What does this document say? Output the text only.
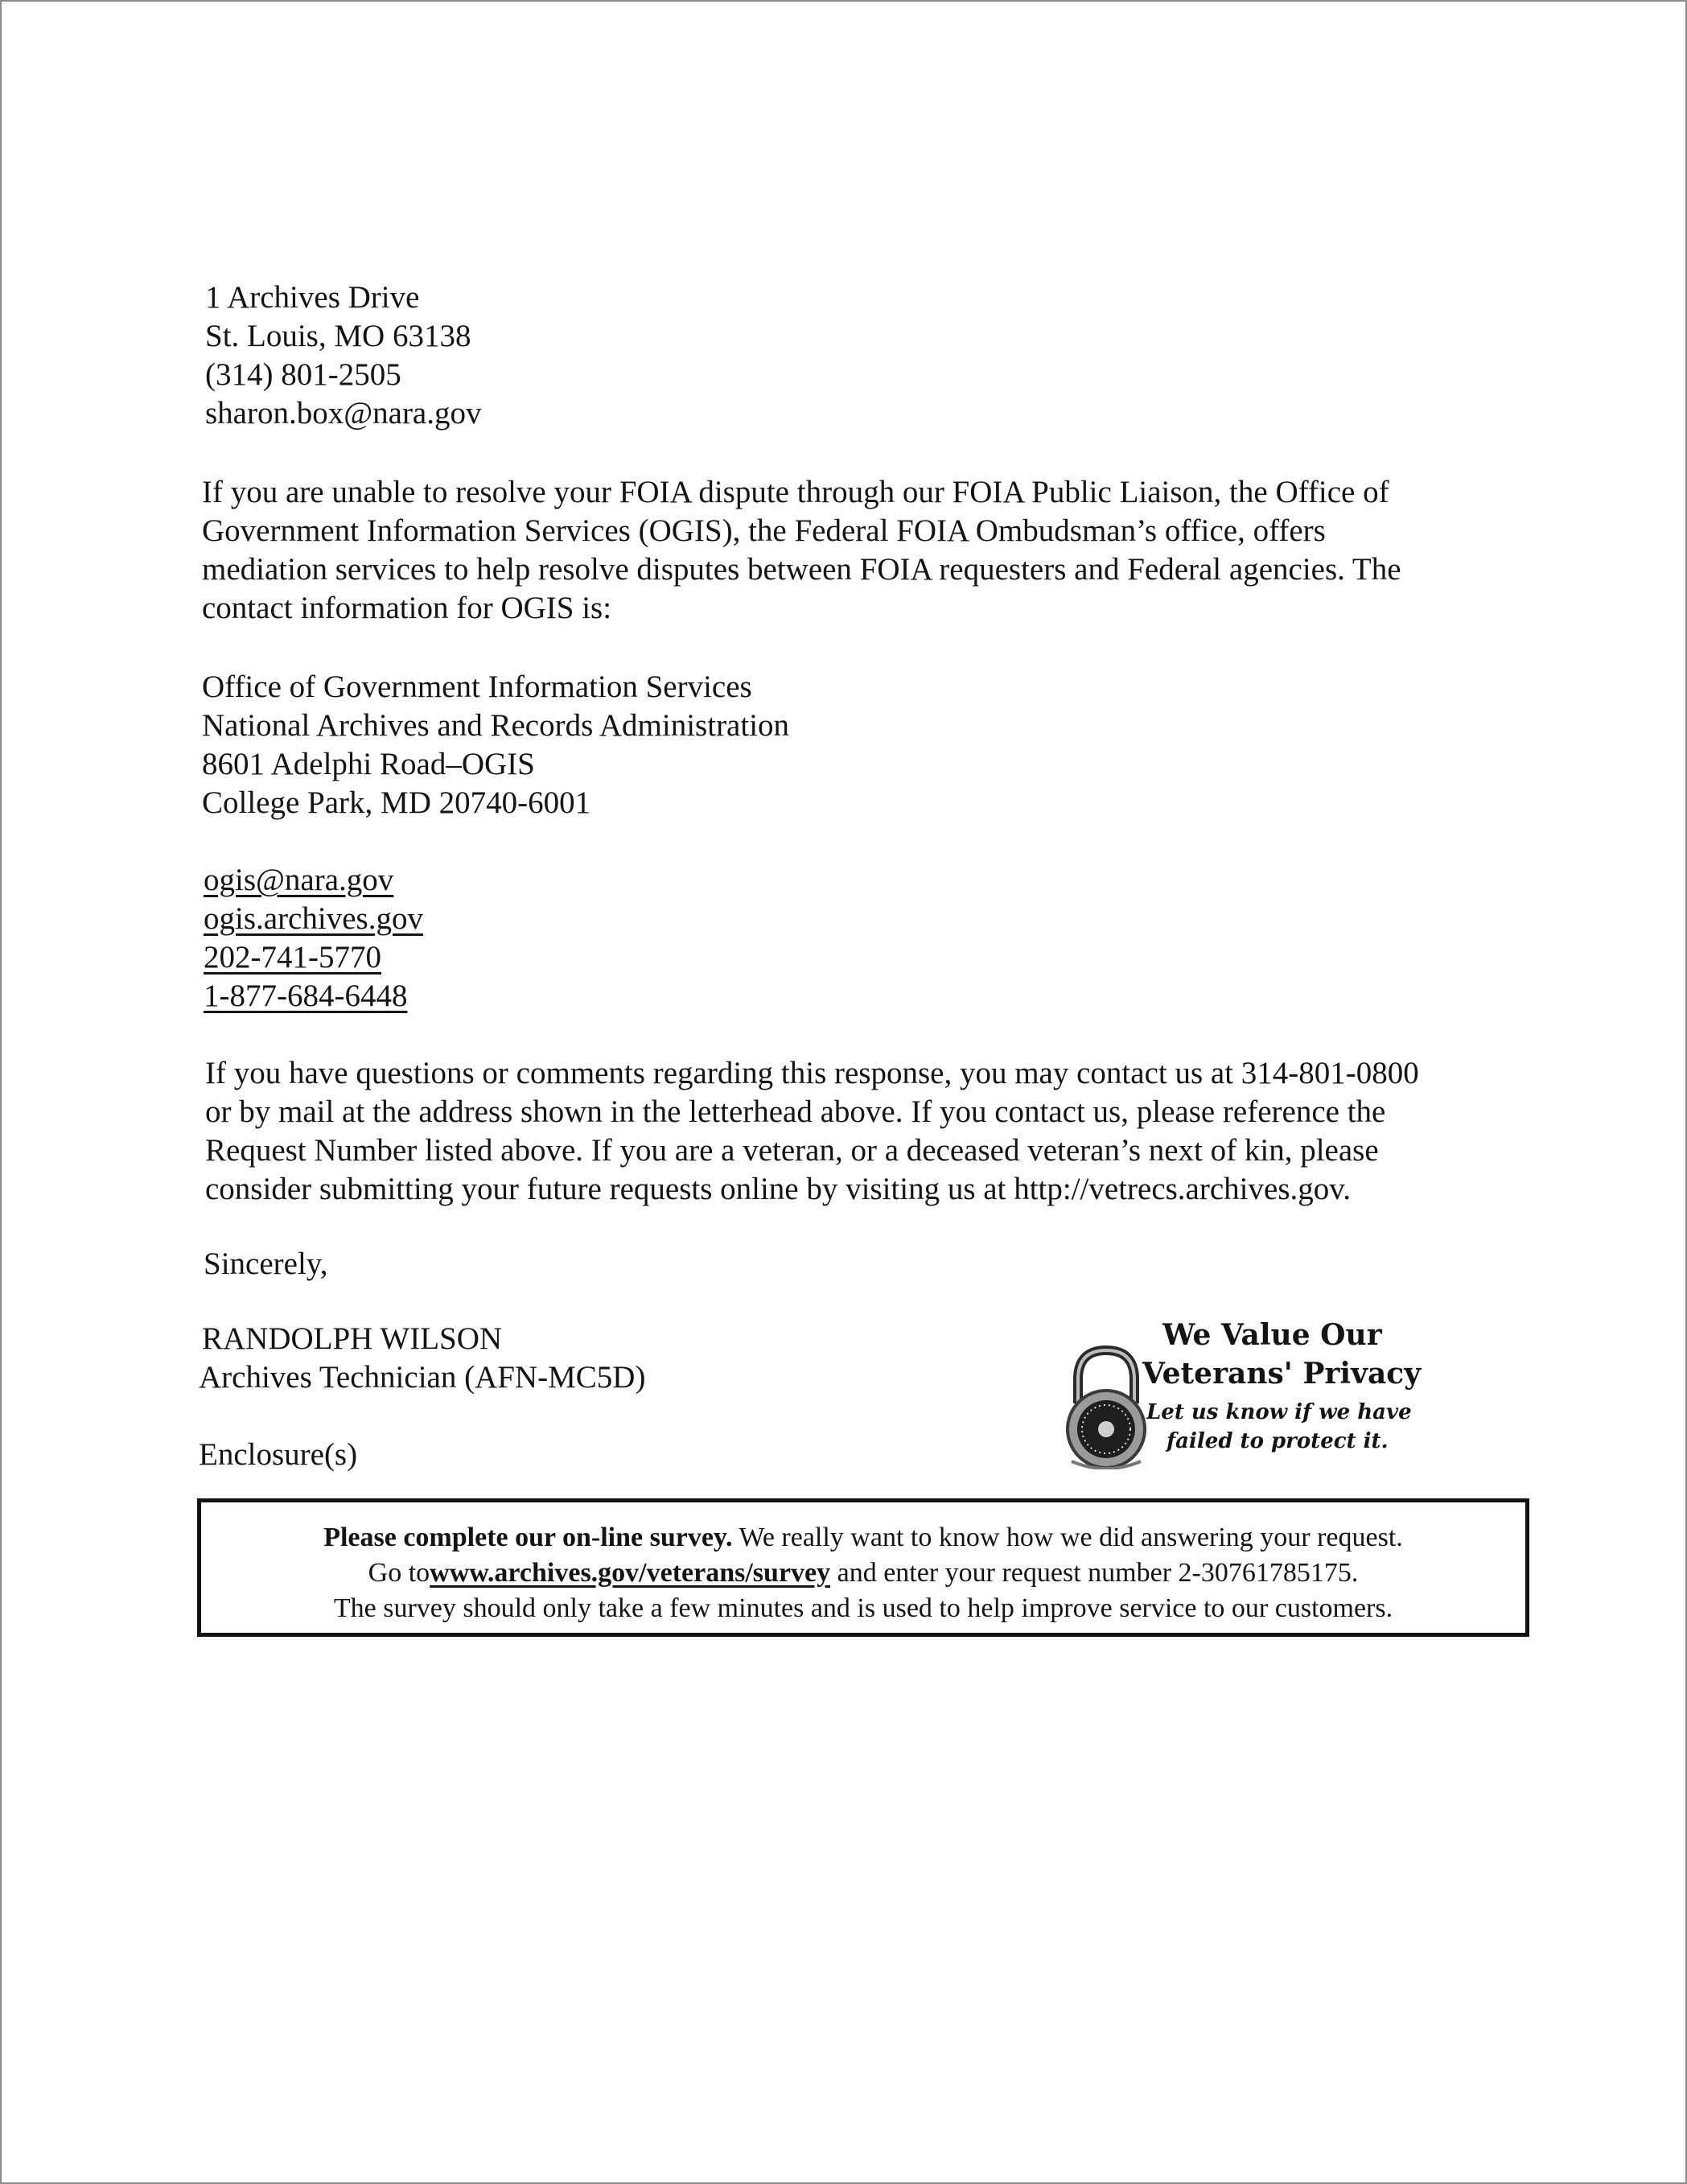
1 Archives Drive
St. Louis, MO 63138
(314) 801-2505
sharon.box@nara.gov
If you are unable to resolve your FOIA dispute through our FOIA Public Liaison, the Office of
Government Information Services (OGIS), the Federal FOIA Ombudsman’s office, offers
mediation services to help resolve disputes between FOIA requesters and Federal agencies. The
contact information for OGIS is:
Office of Government Information Services
National Archives and Records Administration
8601 Adelphi Road–OGIS
College Park, MD 20740-6001
ogis@nara.gov
ogis.archives.gov
202-741-5770
1-877-684-6448
If you have questions or comments regarding this response, you may contact us at 314-801-0800
or by mail at the address shown in the letterhead above. If you contact us, please reference the
Request Number listed above. If you are a veteran, or a deceased veteran’s next of kin, please
consider submitting your future requests online by visiting us at http://vetrecs.archives.gov.
Sincerely,
RANDOLPH WILSON
Archives Technician (AFN-MC5D)
Enclosure(s)
We Value Our
Veterans' Privacy
Let us know if we have
failed to protect it.
Please complete our on-line survey. We really want to know how we did answering your request.
Go towww.archives.gov/veterans/survey and enter your request number 2-30761785175.
The survey should only take a few minutes and is used to help improve service to our customers.
